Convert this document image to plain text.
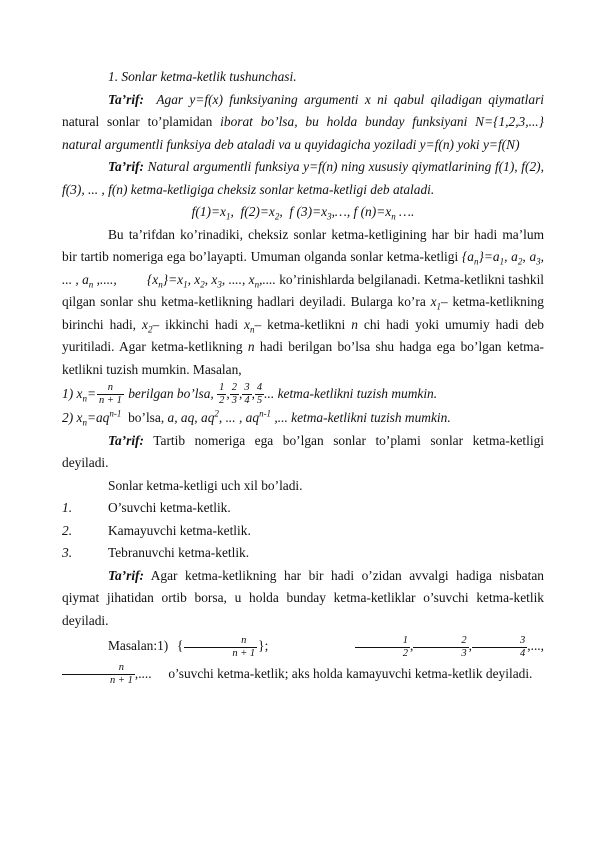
1. Sonlar ketma-ketlik tushunchasi.

Ta’rif:  Agar y=f(x) funksiyaning argumenti x ni qabul qiladigan qiymatlari natural sonlar to’plamidan iborat bo’lsa, bu holda bunday funksiyani N={1,2,3,...} natural argumentli funksiya deb ataladi va u quyidagicha yoziladi y=f(n) yoki y=f(N)

Ta’rif: Natural argumentli funksiya y=f(n) ning xususiy qiymatlarining f(1), f(2), f(3), ... , f(n) ketma-ketligiga cheksiz sonlar ketma-ketligi deb ataladi.

$f(1)=x_1$,  $f(2)=x_2$,  f $(3)=x_3,\dots$, f $(n)=x_n$ ….

Bu ta’rifdan ko’rinadiki, cheksiz sonlar ketma-ketligining har bir hadi ma’lum bir tartib nomeriga ega bo’layapti. Umuman olganda sonlar ketma-ketligi $\{a_n\}=a_1$, $a_2$, $a_3$, ... , $a_n$ ,...., $\{x_n\}=x_1$, $x_2$, $x_3$, ...., $x_n$,.... ko’rinishlarda belgilanadi. Ketma-ketlikni tashkil qilgan sonlar shu ketma-ketlikning hadlari deyiladi. Bularga ko’ra $x_1-$ ketma-ketlikning birinchi hadi, $x_2-$ ikkinchi hadi $x_n-$ ketma-ketlikni n chi hadi yoki umumiy hadi deb yuritiladi. Agar ketma-ketlikning n hadi berilgan bo’lsa shu hadga ega bo’lgan ketma-ketlikni tuzish mumkin. Masalan,

1) $x_n= \frac{n}{n + 1}$ berilgan bo’lsa, $\frac{1}{2}$ , $\frac{2}{3}$ , $\frac{3}{4}$ , $\frac{4}{5}$ ... ketma-ketlikni tuzish mumkin.

2) $x_n=aq^{n-1}$ bo’lsa, a, aq, $aq^2$, ... , $aq^{n-1}$ ,... ketma-ketlikni tuzish mumkin.

Ta’rif: Tartib nomeriga ega bo’lgan sonlar to’plami sonlar ketma-ketligi deyiladi.

Sonlar ketma-ketligi uch xil bo’ladi.

1.	O’suvchi ketma-ketlik.
2.	Kamayuvchi ketma-ketlik.
3.	Tebranuvchi ketma-ketlik.

Ta’rif: Agar ketma-ketlikning har bir hadi o’zidan avvalgi hadiga nisbatan qiymat jihatidan ortib borsa, u holda bunday ketma-ketliklar o’suvchi ketma-ketlik deyiladi.

Masalan:1) { $\frac{n}{n + 1}$ };	$\frac{1}{2}$ , $\frac{2}{3}$ , $\frac{3}{4}$ ,...,
$\frac{n}{n + 1}$ ,.... o’suvchi ketma-ketlik; aks holda kamayuvchi ketma-ketlik deyiladi.
